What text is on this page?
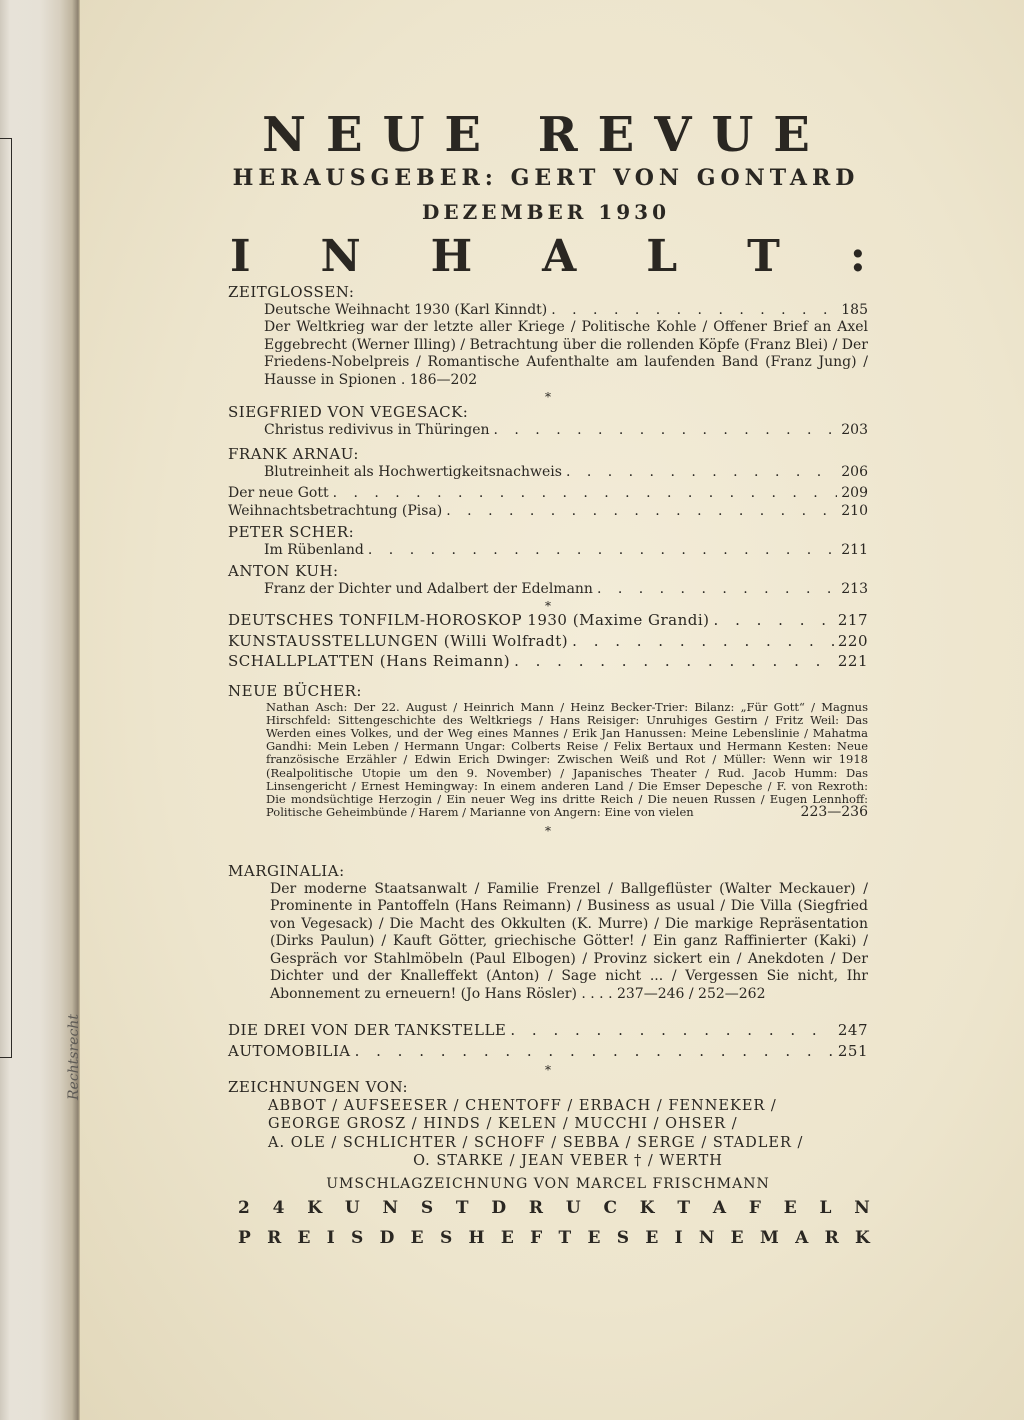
Rechtsrecht
NEUE REVUE
HERAUSGEBER: GERT VON GONTARD
DEZEMBER 1930
I N H A L T :
ZEITGLOSSEN:
Deutsche Weihnacht 1930 (Karl Kinndt) . . .	185
Der Weltkrieg war der letzte aller Kriege / Politische Kohle / Offener Brief an Axel Eggebrecht (Werner Illing) / Betrachtung über die rollenden Köpfe (Franz Blei) / Der Friedens-Nobelpreis / Romantische Aufenthalte am laufenden Band (Franz Jung) / Hausse in Spionen . 186—202
*
SIEGFRIED VON VEGESACK:
Christus redivivus in Thüringen . . .	203
FRANK ARNAU:
Blutreinheit als Hochwertigkeitsnachweis . . .	206
Der neue Gott . . .	209
Weihnachtsbetrachtung (Pisa) . . .	210
PETER SCHER:
Im Rübenland . . .	211
ANTON KUH:
Franz der Dichter und Adalbert der Edelmann . . .	213
*
DEUTSCHES TONFILM-HOROSKOP 1930 (Maxime Grandi) . . .	217
KUNSTAUSSTELLUNGEN (Willi Wolfradt) . . .	220
SCHALLPLATTEN (Hans Reimann) . . .	221
NEUE BÜCHER:
Nathan Asch: Der 22. August / Heinrich Mann / Heinz Becker-Trier: Bilanz: „Für Gott“ / Magnus Hirschfeld: Sittengeschichte des Weltkriegs / Hans Reisiger: Unruhiges Gestirn / Fritz Weil: Das Werden eines Volkes, und der Weg eines Mannes / Erik Jan Hanussen: Meine Lebenslinie / Mahatma Gandhi: Mein Leben / Hermann Ungar: Colberts Reise / Felix Bertaux und Hermann Kesten: Neue französische Erzähler / Edwin Erich Dwinger: Zwischen Weiß und Rot / Müller: Wenn wir 1918 (Realpolitische Utopie um den 9. November) / Japanisches Theater / Rud. Jacob Humm: Das Linsengericht / Ernest Hemingway: In einem anderen Land / Die Emser Depesche / F. von Rexroth: Die mondsüchtige Herzogin / Ein neuer Weg ins dritte Reich / Die neuen Russen / Eugen Lennhoff: Politische Geheimbünde / Harem / Marianne von Angern: Eine von vielen	223—236
*
MARGINALIA:
Der moderne Staatsanwalt / Familie Frenzel / Ballgeflüster (Walter Meckauer) / Prominente in Pantoffeln (Hans Reimann) / Business as usual / Die Villa (Siegfried von Vegesack) / Die Macht des Okkulten (K. Murre) / Die markige Repräsentation (Dirks Paulun) / Kauft Götter, griechische Götter! / Ein ganz Raffinierter (Kaki) / Gespräch vor Stahlmöbeln (Paul Elbogen) / Provinz sickert ein / Anekdoten / Der Dichter und der Knalleffekt (Anton) / Sage nicht ... / Vergessen Sie nicht, Ihr Abonnement zu erneuern! (Jo Hans Rösler) . . . . 237—246 / 252—262
DIE DREI VON DER TANKSTELLE . . .	247
AUTOMOBILIA . . .	251
*
ZEICHNUNGEN VON:
ABBOT / AUFSEESER / CHENTOFF / ERBACH / FENNEKER /
GEORGE GROSZ / HINDS / KELEN / MUCCHI / OHSER /
A. OLE / SCHLICHTER / SCHOFF / SEBBA / SERGE / STADLER /
O. STARKE / JEAN VEBER † / WERTH
UMSCHLAGZEICHNUNG VON MARCEL FRISCHMANN
2 4 K U N S T D R U C K T A F E L N
P R E I S D E S H E F T E S E I N E M A R K
